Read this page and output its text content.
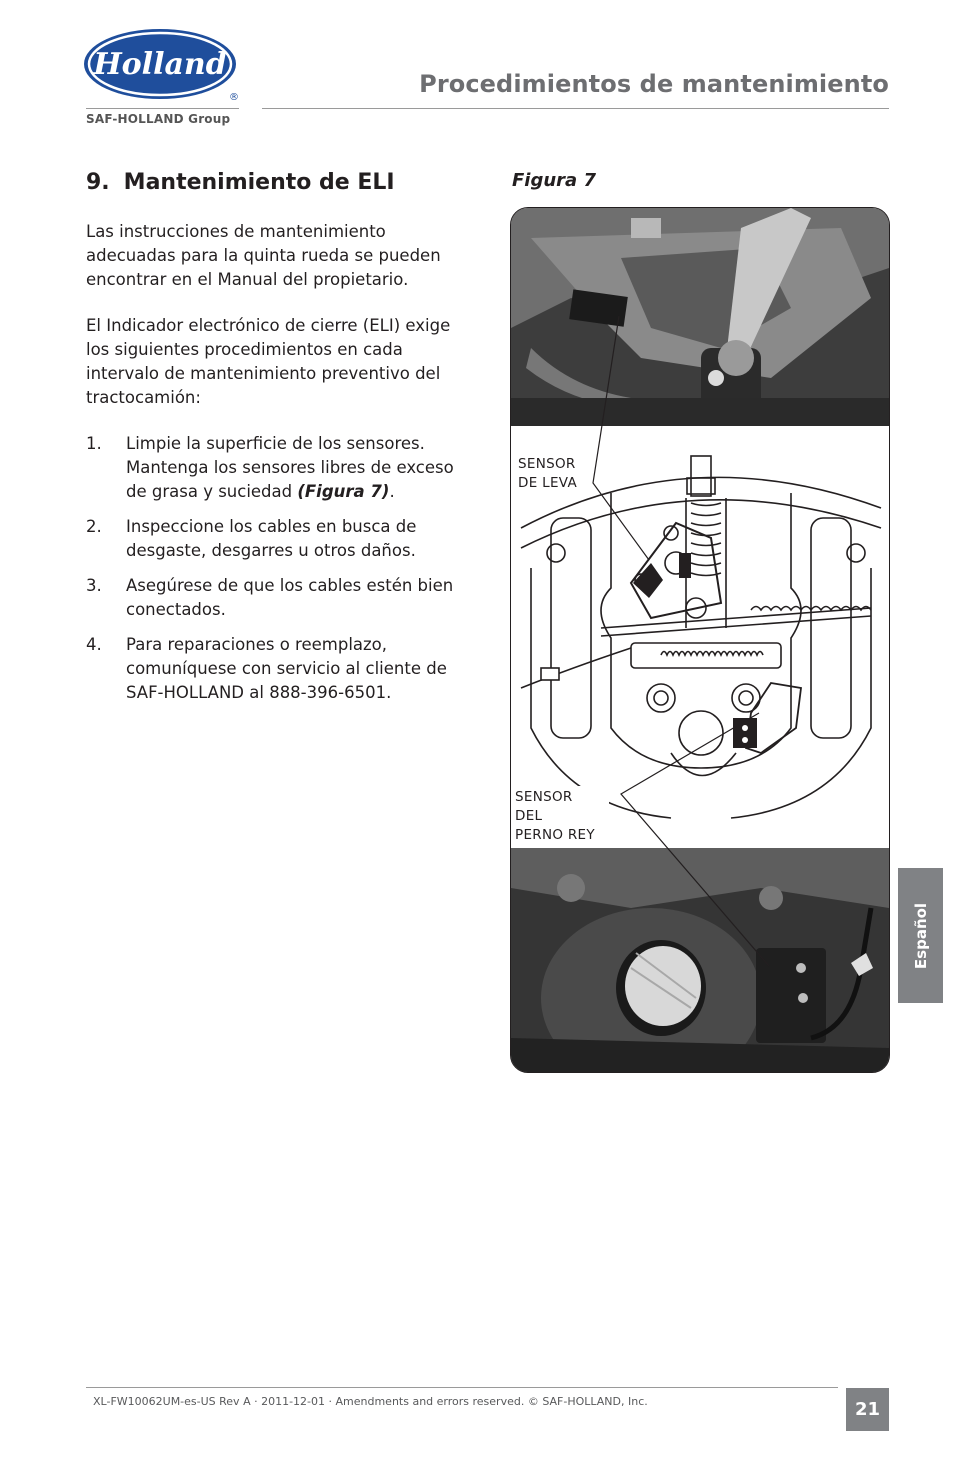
Holland
®
SAF-HOLLAND Group
Procedimientos de mantenimiento
9. Mantenimiento de ELI
Las instrucciones de mantenimiento adecuadas para la quinta rueda se pueden encontrar en el Manual del propietario.
El Indicador electrónico de cierre (ELI) exige los siguientes procedimientos en cada intervalo de mantenimiento preventivo del tractocamión:
1. Limpie la superficie de los sensores. Mantenga los sensores libres de exceso de grasa y suciedad (Figura 7).
2. Inspeccione los cables en busca de desgaste, desgarres u otros daños.
3. Asegúrese de que los cables estén bien conectados.
4. Para reparaciones o reemplazo, comuníquese con servicio al cliente de SAF-HOLLAND al 888-396-6501.
Figura 7
SENSOR
DE LEVA
SENSOR
DEL
PERNO REY
Español
XL-FW10062UM-es-US Rev A · 2011-12-01 · Amendments and errors reserved. © SAF-HOLLAND, Inc.	21
